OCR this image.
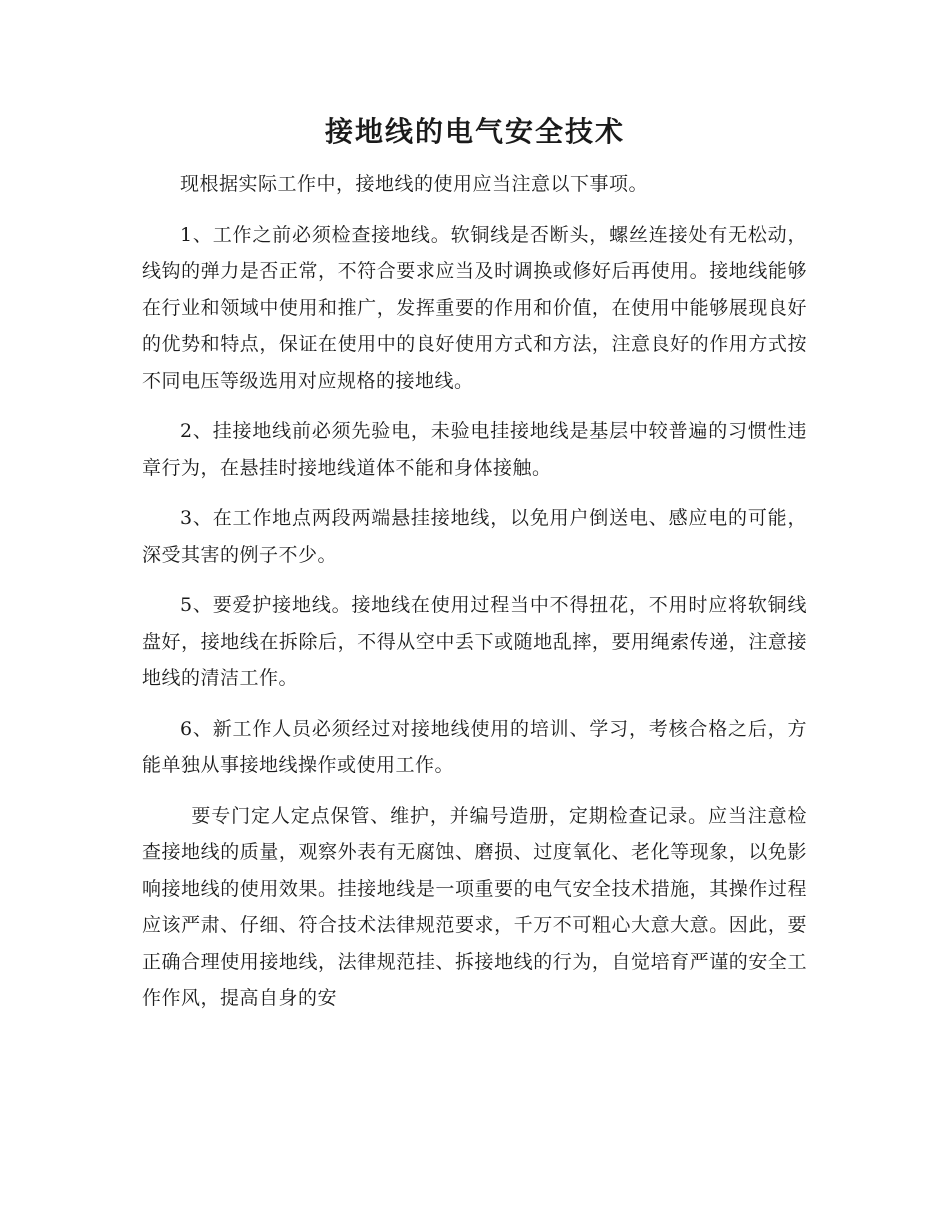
接地线的电气安全技术

现根据实际工作中，接地线的使用应当注意以下事项。

1、工作之前必须检查接地线。软铜线是否断头，螺丝连接处有无松动，线钩的弹力是否正常，不符合要求应当及时调换或修好后再使用。接地线能够在行业和领域中使用和推广，发挥重要的作用和价值，在使用中能够展现良好的优势和特点，保证在使用中的良好使用方式和方法，注意良好的作用方式按不同电压等级选用对应规格的接地线。

2、挂接地线前必须先验电，未验电挂接地线是基层中较普遍的习惯性违章行为，在悬挂时接地线道体不能和身体接触。

3、在工作地点两段两端悬挂接地线，以免用户倒送电、感应电的可能，深受其害的例子不少。

5、要爱护接地线。接地线在使用过程当中不得扭花，不用时应将软铜线盘好，接地线在拆除后，不得从空中丢下或随地乱摔，要用绳索传递，注意接地线的清洁工作。

6、新工作人员必须经过对接地线使用的培训、学习，考核合格之后，方能单独从事接地线操作或使用工作。

要专门定人定点保管、维护，并编号造册，定期检查记录。应当注意检查接地线的质量，观察外表有无腐蚀、磨损、过度氧化、老化等现象，以免影响接地线的使用效果。挂接地线是一项重要的电气安全技术措施，其操作过程应该严肃、仔细、符合技术法律规范要求，千万不可粗心大意大意。因此，要正确合理使用接地线，法律规范挂、拆接地线的行为，自觉培育严谨的安全工作作风，提高自身的安
